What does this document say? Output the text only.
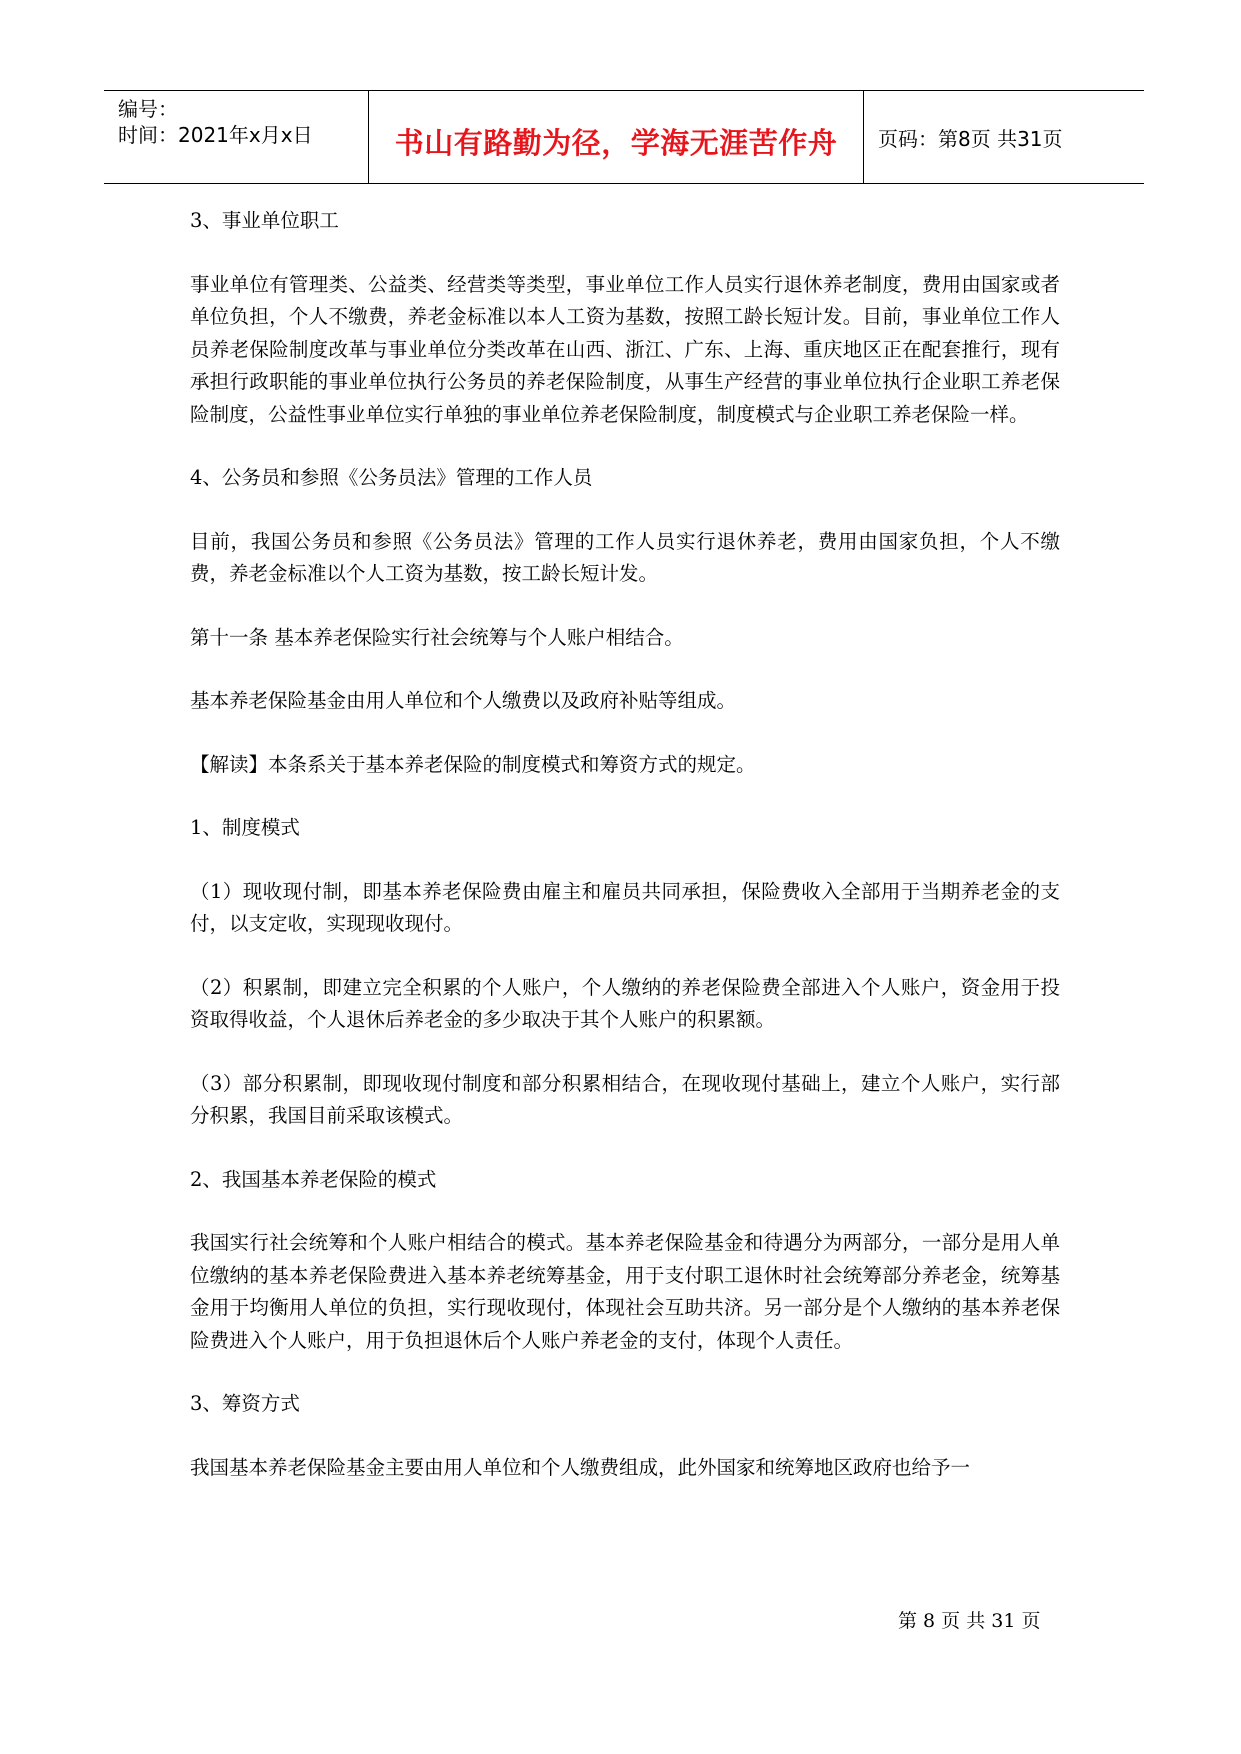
编号：
时间：2021年x月x日	书山有路勤为径，学海无涯苦作舟	页码：第8页 共31页

3、事业单位职工

事业单位有管理类、公益类、经营类等类型，事业单位工作人员实行退休养老制度，费用由国家或者单位负担，个人不缴费，养老金标准以本人工资为基数，按照工龄长短计发。目前，事业单位工作人员养老保险制度改革与事业单位分类改革在山西、浙江、广东、上海、重庆地区正在配套推行，现有承担行政职能的事业单位执行公务员的养老保险制度，从事生产经营的事业单位执行企业职工养老保险制度，公益性事业单位实行单独的事业单位养老保险制度，制度模式与企业职工养老保险一样。

4、公务员和参照《公务员法》管理的工作人员

目前，我国公务员和参照《公务员法》管理的工作人员实行退休养老，费用由国家负担，个人不缴费，养老金标准以个人工资为基数，按工龄长短计发。

第十一条 基本养老保险实行社会统筹与个人账户相结合。

基本养老保险基金由用人单位和个人缴费以及政府补贴等组成。

【解读】本条系关于基本养老保险的制度模式和筹资方式的规定。

1、制度模式

（1）现收现付制，即基本养老保险费由雇主和雇员共同承担，保险费收入全部用于当期养老金的支付，以支定收，实现现收现付。

（2）积累制，即建立完全积累的个人账户，个人缴纳的养老保险费全部进入个人账户，资金用于投资取得收益，个人退休后养老金的多少取决于其个人账户的积累额。

（3）部分积累制，即现收现付制度和部分积累相结合，在现收现付基础上，建立个人账户，实行部分积累，我国目前采取该模式。

2、我国基本养老保险的模式

我国实行社会统筹和个人账户相结合的模式。基本养老保险基金和待遇分为两部分，一部分是用人单位缴纳的基本养老保险费进入基本养老统筹基金，用于支付职工退休时社会统筹部分养老金，统筹基金用于均衡用人单位的负担，实行现收现付，体现社会互助共济。另一部分是个人缴纳的基本养老保险费进入个人账户，用于负担退休后个人账户养老金的支付，体现个人责任。

3、筹资方式

我国基本养老保险基金主要由用人单位和个人缴费组成，此外国家和统筹地区政府也给予一

第 8 页 共 31 页
